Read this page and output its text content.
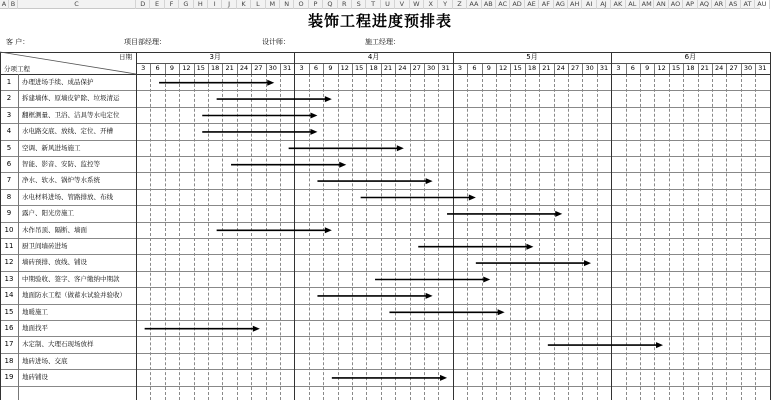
A B	C	D	E	F	G	H	I	J	K	L	M	N	O	P	Q	R	S	T	U	V	W	X	Y	Z	AA AB AC AD AE AF AG AH	AI	AJ	AK AL AM AN AO AP AQ AR AS AT AU
装饰工程进度预排表
客 户：	项目部经理：	设计师：	施工经理：
日期
分项工程
3月
3	6	9	12 15 18 21 24 27 30 31
4月
3	6	9	12 15 18 21 24 27 30 31
5月
3	6	9	12 15 18 21 24 27 30 31
6月
3	6	9	12 15 18 21 24 27 30 31
1	办理进场手续、成品保护
2	拆建墙体、原墙皮铲除、垃圾清运
3	翻框测量、卫浴、洁具等水电定位
4	水电路交底、放线、定位、开槽
5	空调、新风进场施工
6	智能、影音、安防、监控等
7	净水、软水、锅炉等水系统
8	水电材料进场、管路排放、布线
9	露户、阳光房施工
10	木作吊顶、隔断、墙面
11	厨卫间墙砖进场
12	墙砖预排、放线、铺设
13	中期验收、签字、客户缴纳中期款
14	地面防水工程（做蓄水试验并验收）
15	地暖施工
16	地面找平
17	木定制、大理石现场放样
18	地砖进场、交底
19	地砖铺设
